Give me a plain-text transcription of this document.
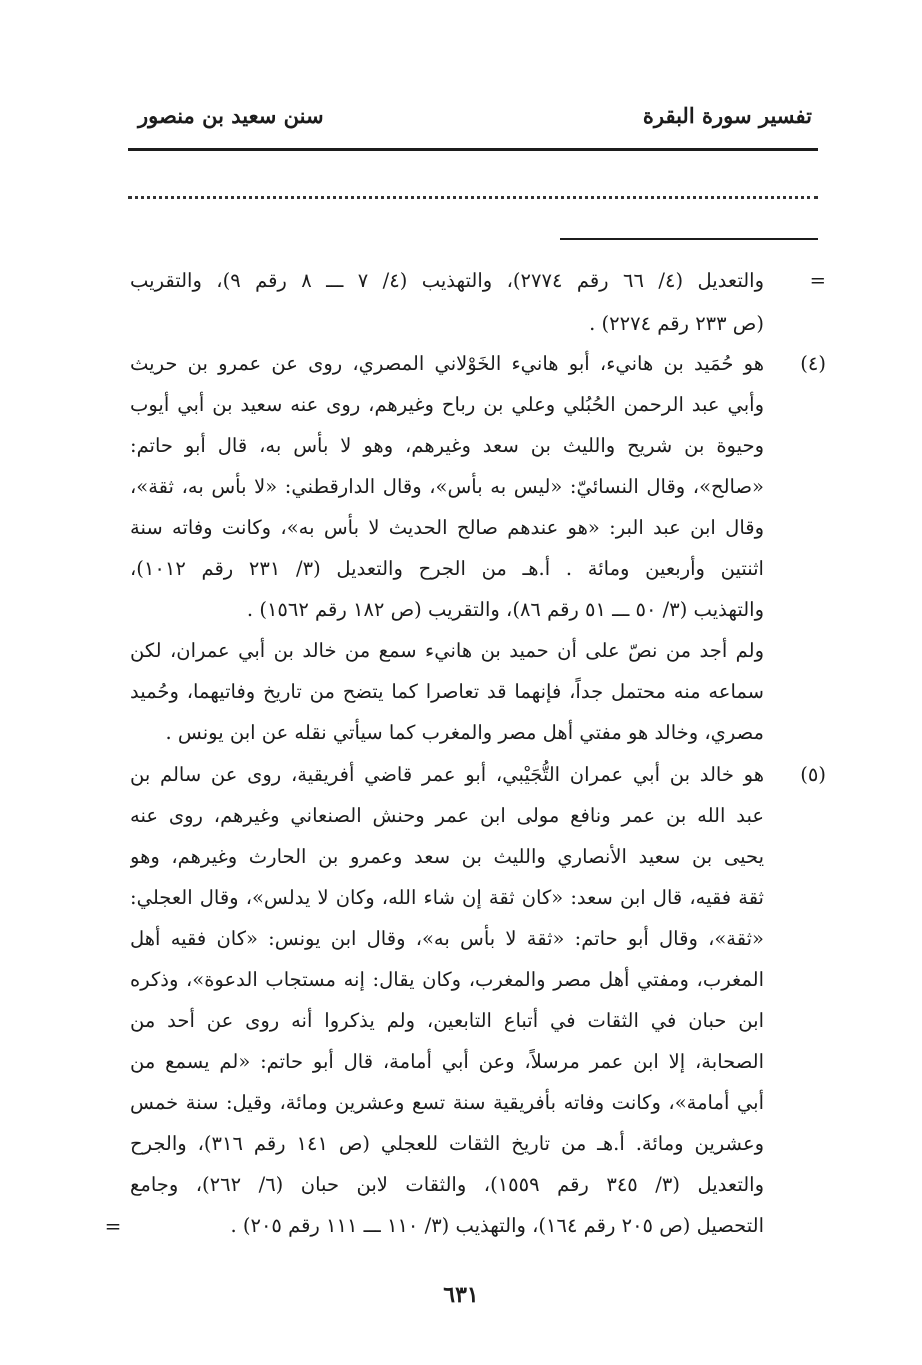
تفسير سورة البقرة
سنن سعيد بن منصور
=
والتعديل (٤/ ٦٦ رقم ٢٧٧٤)، والتهذيب (٤/ ٧ ـــ ٨ رقم ٩)، والتقريب
(ص ٢٣٣ رقم ٢٢٧٤) .
(٤)
هو حُمَيد بن هانيء، أبو هانيء الخَوْلاني المصري، روى عن عمرو بن حريث
وأبي عبد الرحمن الحُبُلي وعلي بن رباح وغيرهم، روى عنه سعيد بن أبي أيوب
وحيوة بن شريح والليث بن سعد وغيرهم، وهو لا بأس به، قال أبو حاتم:
«صالح»، وقال النسائيّ: «ليس به بأس»، وقال الدارقطني: «لا بأس به، ثقة»،
وقال ابن عبد البر: «هو عندهم صالح الحديث لا بأس به»، وكانت وفاته سنة
اثنتين وأربعين ومائة . أ.هـ من الجرح والتعديل (٣/ ٢٣١ رقم ١٠١٢)،
والتهذيب (٣/ ٥٠ ـــ ٥١ رقم ٨٦)، والتقريب (ص ١٨٢ رقم ١٥٦٢) .
ولم أجد من نصّ على أن حميد بن هانيء سمع من خالد بن أبي عمران، لكن
سماعه منه محتمل جداً، فإنهما قد تعاصرا كما يتضح من تاريخ وفاتيهما، وحُميد
مصري، وخالد هو مفتي أهل مصر والمغرب كما سيأتي نقله عن ابن يونس .
(٥)
هو خالد بن أبي عمران التُّجَيْبي، أبو عمر قاضي أفريقية، روى عن سالم بن
عبد الله بن عمر ونافع مولى ابن عمر وحنش الصنعاني وغيرهم، روى عنه
يحيى بن سعيد الأنصاري والليث بن سعد وعمرو بن الحارث وغيرهم، وهو
ثقة فقيه، قال ابن سعد: «كان ثقة إن شاء الله، وكان لا يدلس»، وقال العجلي:
«ثقة»، وقال أبو حاتم: «ثقة لا بأس به»، وقال ابن يونس: «كان فقيه أهل
المغرب، ومفتي أهل مصر والمغرب، وكان يقال: إنه مستجاب الدعوة»، وذكره
ابن حبان في الثقات في أتباع التابعين، ولم يذكروا أنه روى عن أحد من
الصحابة، إلا ابن عمر مرسلاً، وعن أبي أمامة، قال أبو حاتم: «لم يسمع من
أبي أمامة»، وكانت وفاته بأفريقية سنة تسع وعشرين ومائة، وقيل: سنة خمس
وعشرين ومائة. أ.هـ من تاريخ الثقات للعجلي (ص ١٤١ رقم ٣١٦)، والجرح
والتعديل (٣/ ٣٤٥ رقم ١٥٥٩)، والثقات لابن حبان (٦/ ٢٦٢)، وجامع
التحصيل (ص ٢٠٥ رقم ١٦٤)، والتهذيب (٣/ ١١٠ ـــ ١١١ رقم ٢٠٥) .
=
٦٣١
